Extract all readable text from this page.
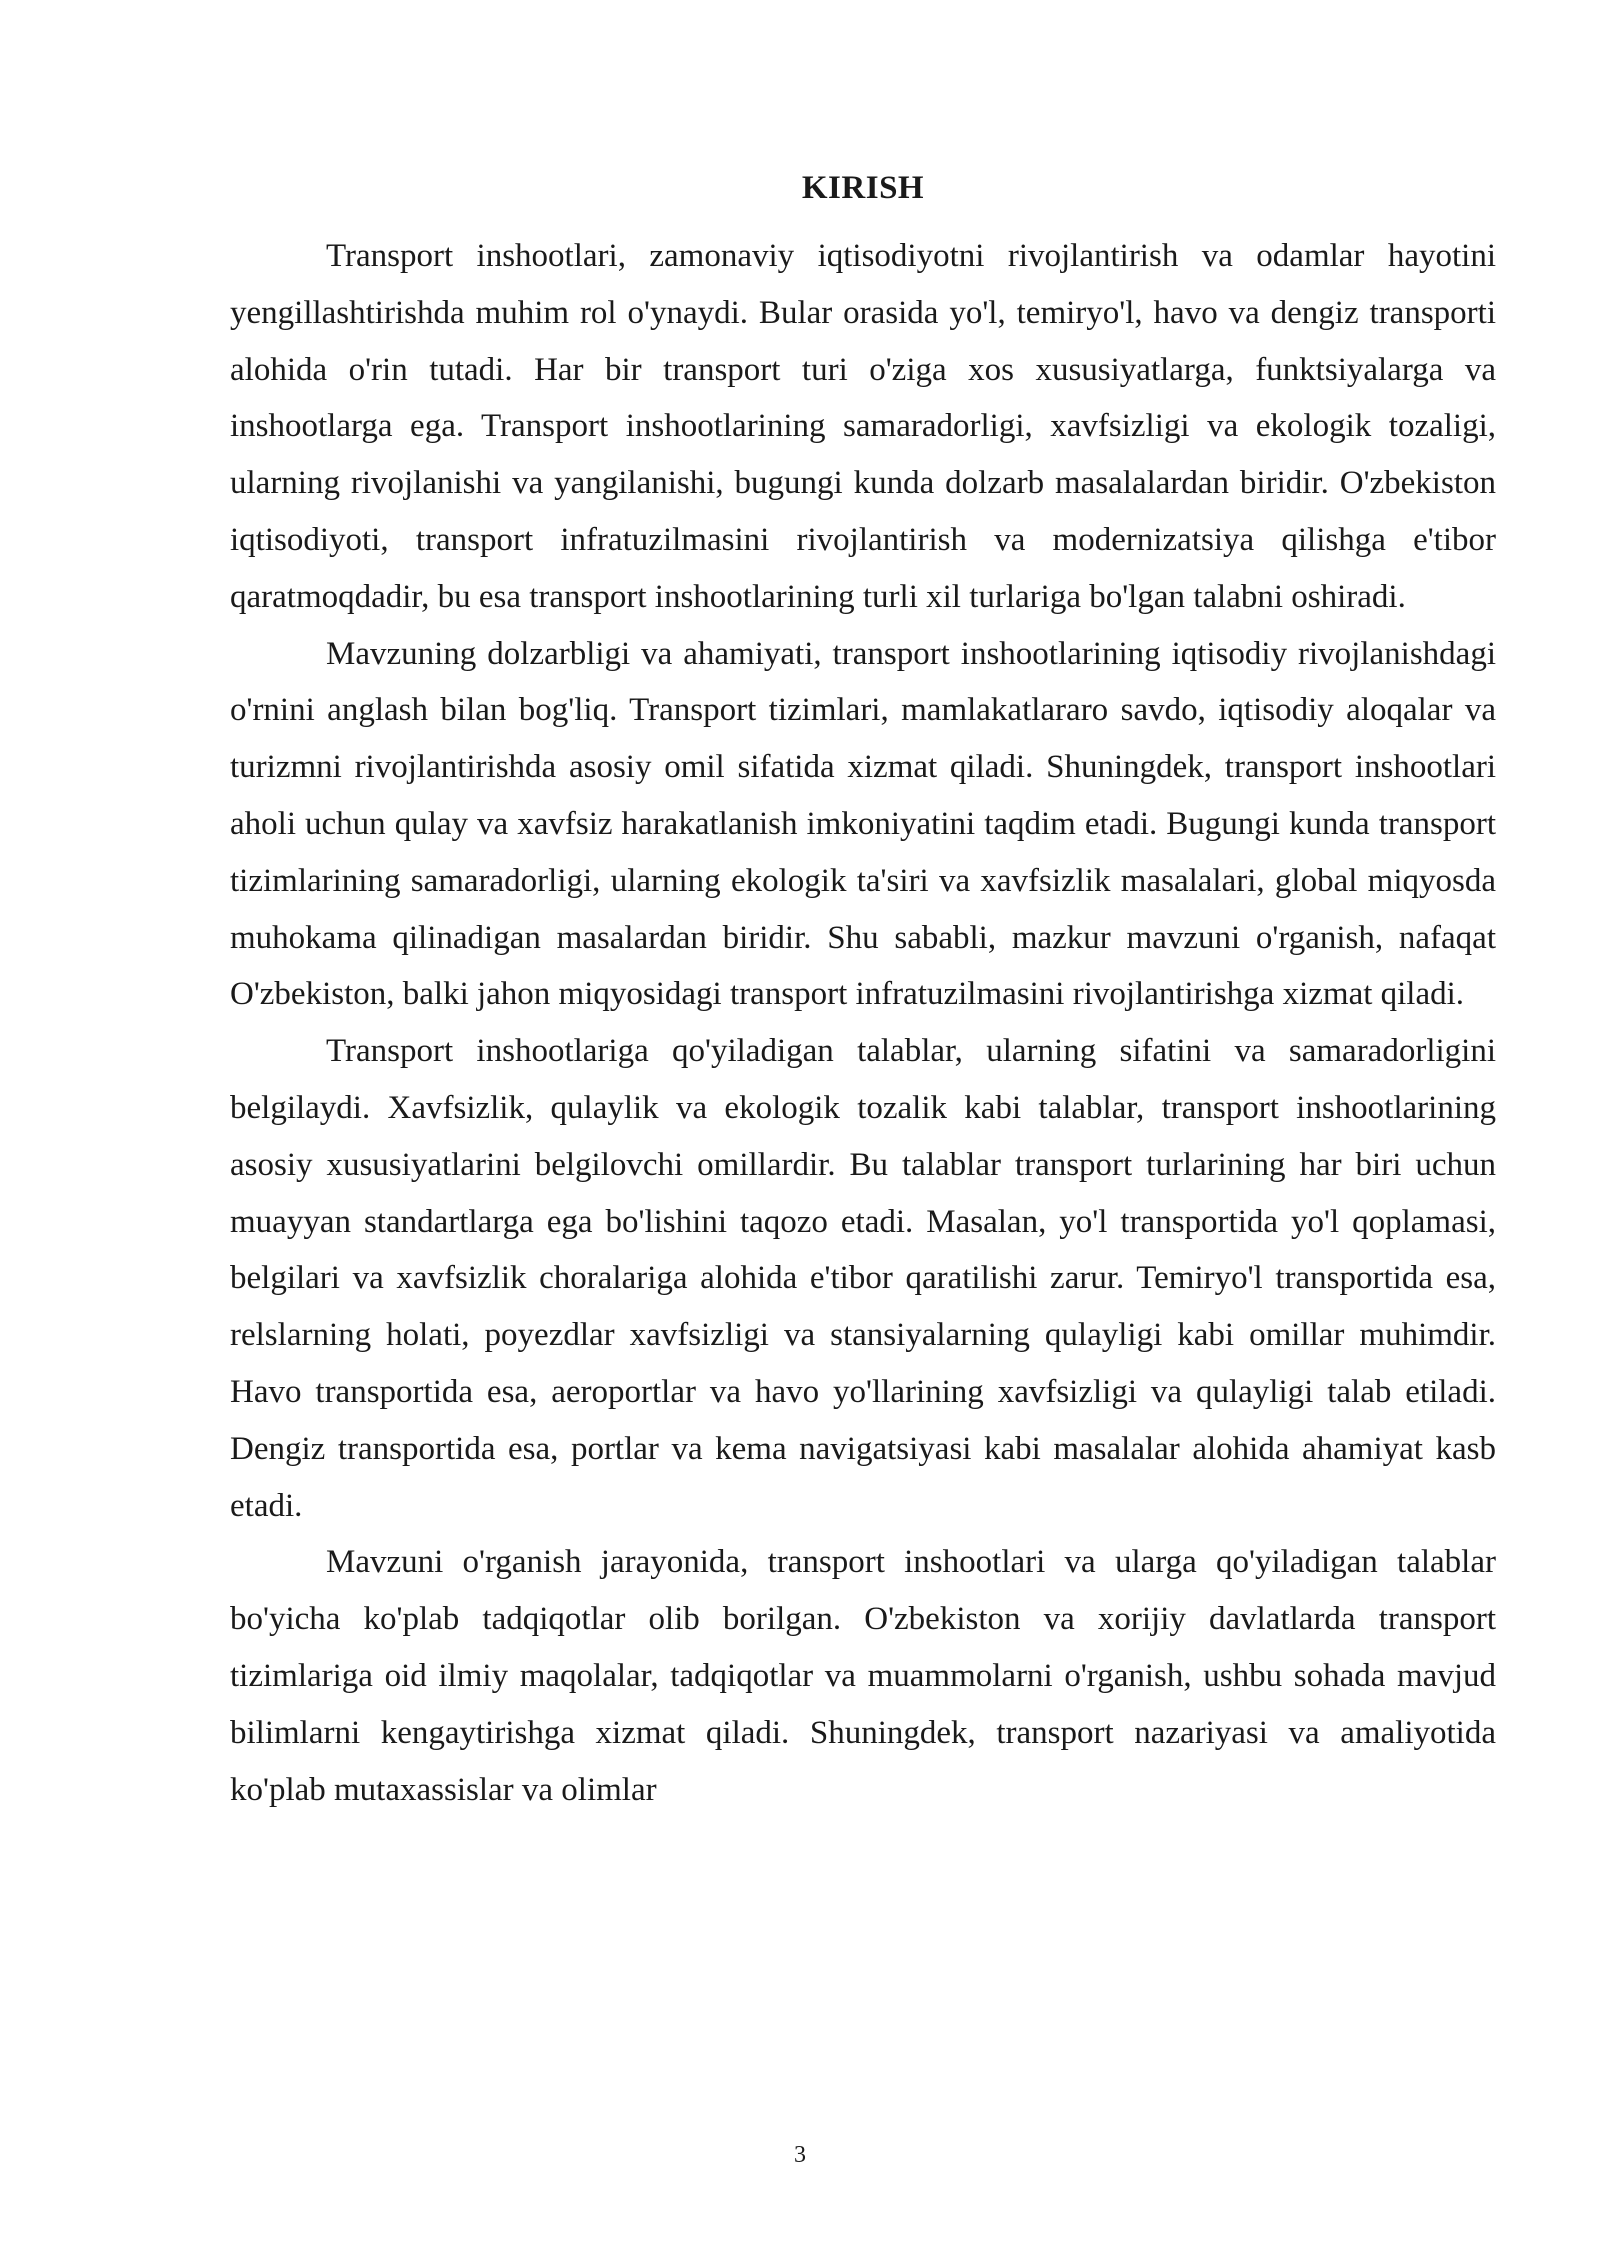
KIRISH

Transport inshootlari, zamonaviy iqtisodiyotni rivojlantirish va odamlar hayotini yengillashtirishda muhim rol o'ynaydi. Bular orasida yo'l, temiryo'l, havo va dengiz transporti alohida o'rin tutadi. Har bir transport turi o'ziga xos xususiyatlarga, funktsiyalarga va inshootlarga ega. Transport inshootlarining samaradorligi, xavfsizligi va ekologik tozaligi, ularning rivojlanishi va yangilanishi, bugungi kunda dolzarb masalalardan biridir. O'zbekiston iqtisodiyoti, transport infratuzilmasini rivojlantirish va modernizatsiya qilishga e'tibor qaratmoqdadir, bu esa transport inshootlarining turli xil turlariga bo'lgan talabni oshiradi.

Mavzuning dolzarbligi va ahamiyati, transport inshootlarining iqtisodiy rivojlanishdagi o'rnini anglash bilan bog'liq. Transport tizimlari, mamlakatlararo savdo, iqtisodiy aloqalar va turizmni rivojlantirishda asosiy omil sifatida xizmat qiladi. Shuningdek, transport inshootlari aholi uchun qulay va xavfsiz harakatlanish imkoniyatini taqdim etadi. Bugungi kunda transport tizimlarining samaradorligi, ularning ekologik ta'siri va xavfsizlik masalalari, global miqyosda muhokama qilinadigan masalardan biridir. Shu sababli, mazkur mavzuni o'rganish, nafaqat O'zbekiston, balki jahon miqyosidagi transport infratuzilmasini rivojlantirishga xizmat qiladi.

Transport inshootlariga qo'yiladigan talablar, ularning sifatini va samaradorligini belgilaydi. Xavfsizlik, qulaylik va ekologik tozalik kabi talablar, transport inshootlarining asosiy xususiyatlarini belgilovchi omillardir. Bu talablar transport turlarining har biri uchun muayyan standartlarga ega bo'lishini taqozo etadi. Masalan, yo'l transportida yo'l qoplamasi, belgilari va xavfsizlik choralariga alohida e'tibor qaratilishi zarur. Temiryo'l transportida esa, relslarning holati, poyezdlar xavfsizligi va stansiyalarning qulayligi kabi omillar muhimdir. Havo transportida esa, aeroportlar va havo yo'llarining xavfsizligi va qulayligi talab etiladi. Dengiz transportida esa, portlar va kema navigatsiyasi kabi masalalar alohida ahamiyat kasb etadi.

Mavzuni o'rganish jarayonida, transport inshootlari va ularga qo'yiladigan talablar bo'yicha ko'plab tadqiqotlar olib borilgan. O'zbekiston va xorijiy davlatlarda transport tizimlariga oid ilmiy maqolalar, tadqiqotlar va muammolarni o'rganish, ushbu sohada mavjud bilimlarni kengaytirishga xizmat qiladi. Shuningdek, transport nazariyasi va amaliyotida ko'plab mutaxassislar va olimlar

3
